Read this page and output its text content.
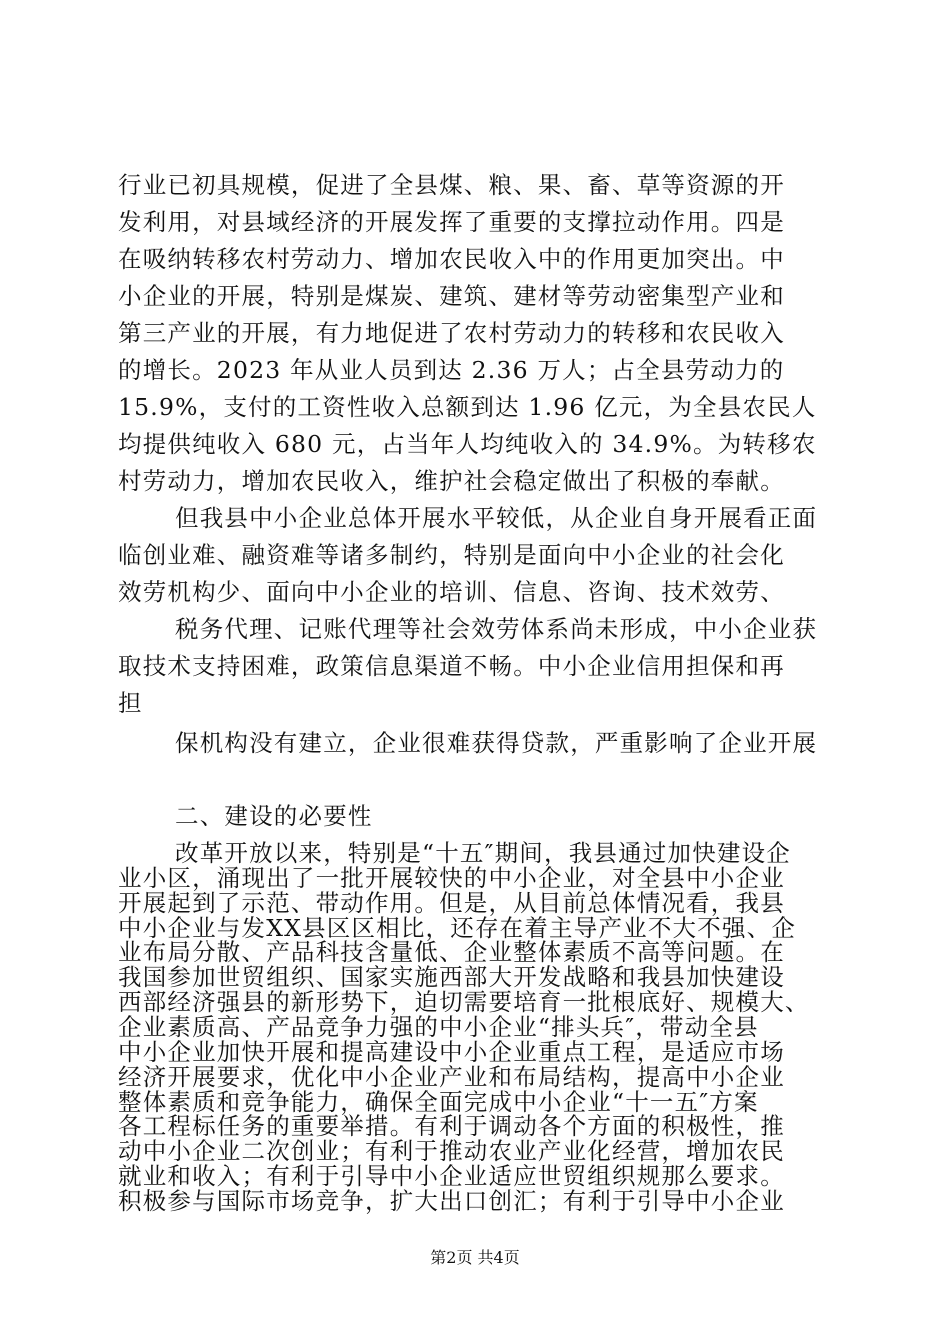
行业已初具规模，促进了全县煤、粮、果、畜、草等资源的开
发利用，对县域经济的开展发挥了重要的支撑拉动作用。四是
在吸纳转移农村劳动力、增加农民收入中的作用更加突出。中
小企业的开展，特别是煤炭、建筑、建材等劳动密集型产业和
第三产业的开展，有力地促进了农村劳动力的转移和农民收入
的增长。2023 年从业人员到达 2.36 万人；占全县劳动力的
15.9%，支付的工资性收入总额到达 1.96 亿元，为全县农民人
均提供纯收入 680 元，占当年人均纯收入的 34.9%。为转移农
村劳动力，增加农民收入，维护社会稳定做出了积极的奉献。
但我县中小企业总体开展水平较低，从企业自身开展看正面
临创业难、融资难等诸多制约，特别是面向中小企业的社会化
效劳机构少、面向中小企业的培训、信息、咨询、技术效劳、
税务代理、记账代理等社会效劳体系尚未形成，中小企业获
取技术支持困难，政策信息渠道不畅。中小企业信用担保和再
担
保机构没有建立，企业很难获得贷款，严重影响了企业开展
二、建设的必要性
改革开放以来，特别是“十五″期间，我县通过加快建设企
业小区，涌现出了一批开展较快的中小企业，对全县中小企业
开展起到了示范、带动作用。但是，从目前总体情况看，我县
中小企业与发XX县区区相比，还存在着主导产业不大不强、企
业布局分散、产品科技含量低、企业整体素质不高等问题。在
我国参加世贸组织、国家实施西部大开发战略和我县加快建设
西部经济强县的新形势下，迫切需要培育一批根底好、规模大、
企业素质高、产品竞争力强的中小企业“排头兵″，带动全县
中小企业加快开展和提高建设中小企业重点工程，是适应市场
经济开展要求，优化中小企业产业和布局结构，提高中小企业
整体素质和竞争能力，确保全面完成中小企业“十一五″方案
各工程标任务的重要举措。有利于调动各个方面的积极性，推
动中小企业二次创业；有利于推动农业产业化经营，增加农民
就业和收入；有利于引导中小企业适应世贸组织规那么要求。
积极参与国际市场竞争，扩大出口创汇；有利于引导中小企业
第2页 共4页
